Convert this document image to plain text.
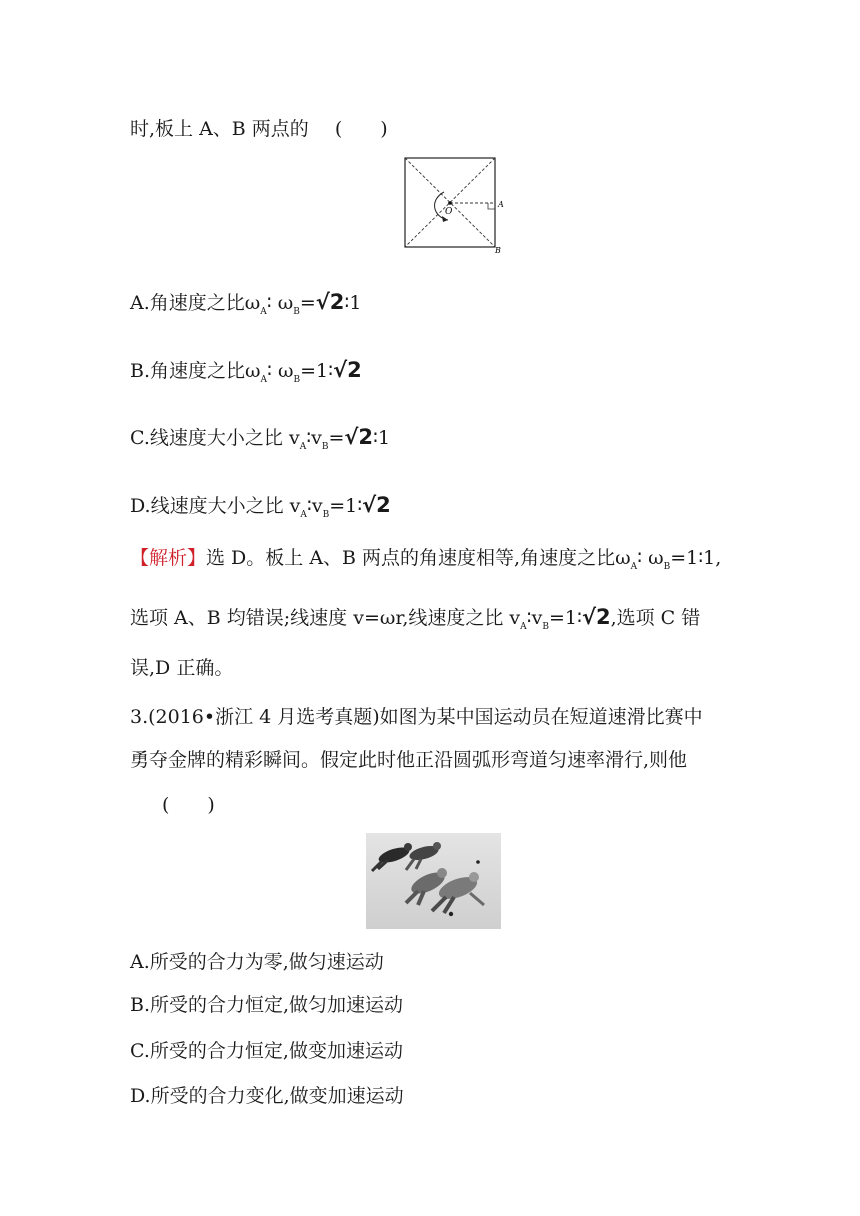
时,板上 A、B 两点的 (　　)
O
A
B
A.角速度之比$\omega_A∶$ $\omega_B=√2∶1$
B.角速度之比$\omega_A∶$ $\omega_B=1∶√2$
C.线速度大小之比 $v_A∶v_B=√2∶1$
D.线速度大小之比 $v_A∶v_B=1∶√2$
【解析】选 D。板上 A、B 两点的角速度相等,角速度之比$\omega_A∶$ $\omega_B=1∶1$,
选项 A、B 均错误;线速度 v=ωr,线速度之比 $v_A∶v_B=1∶√2$,选项 C 错
误,D 正确。
3.(2016•浙江 4 月选考真题)如图为某中国运动员在短道速滑比赛中
勇夺金牌的精彩瞬间。假定此时他正沿圆弧形弯道匀速率滑行,则他
(　　)
A.所受的合力为零,做匀速运动
B.所受的合力恒定,做匀加速运动
C.所受的合力恒定,做变加速运动
D.所受的合力变化,做变加速运动
